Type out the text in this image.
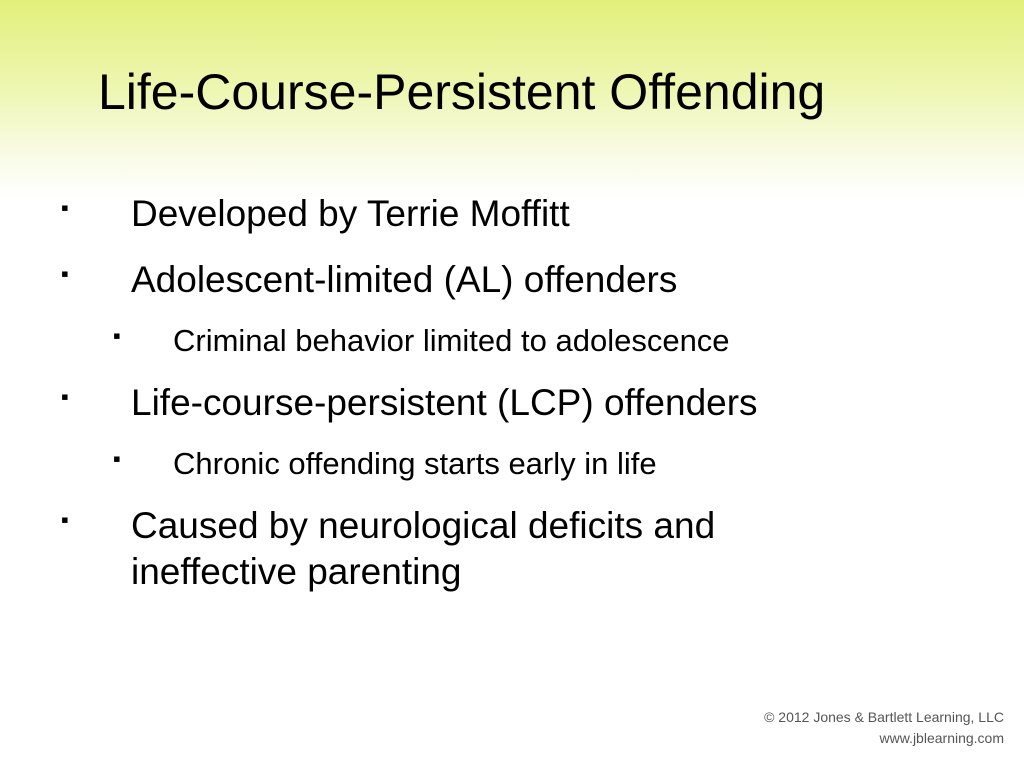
Life-Course-Persistent Offending
▪ Developed by Terrie Moffitt
▪ Adolescent-limited (AL) offenders
▪ Criminal behavior limited to adolescence
▪ Life-course-persistent (LCP) offenders
▪ Chronic offending starts early in life
▪ Caused by neurological deficits and
ineffective parenting
© 2012 Jones & Bartlett Learning, LLC
www.jblearning.com
